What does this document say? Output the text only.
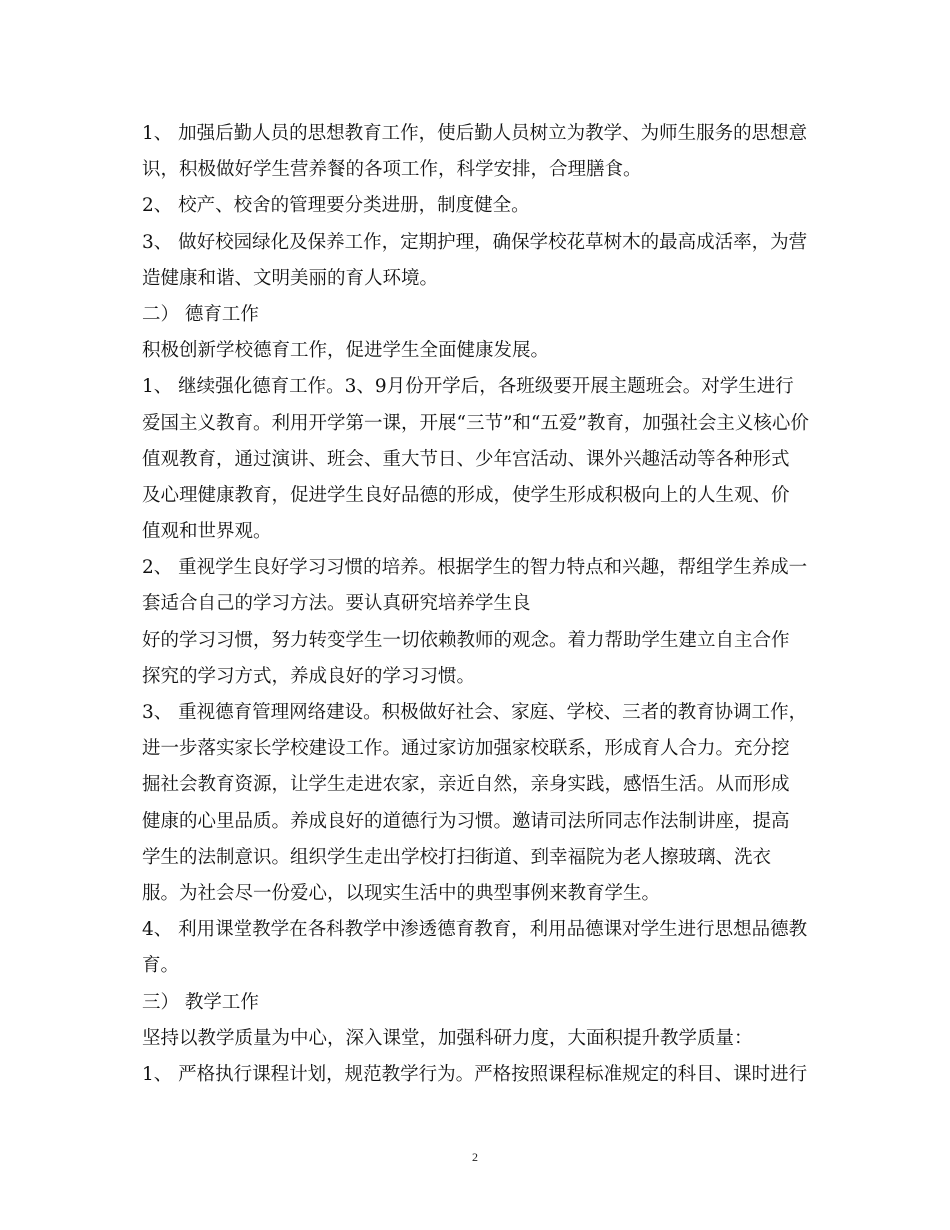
1、 加强后勤人员的思想教育工作，使后勤人员树立为教学、为师生服务的思想意
识，积极做好学生营养餐的各项工作，科学安排，合理膳食。
2、 校产、校舍的管理要分类进册，制度健全。
3、 做好校园绿化及保养工作，定期护理，确保学校花草树木的最高成活率，为营
造健康和谐、文明美丽的育人环境。
二） 德育工作
积极创新学校德育工作，促进学生全面健康发展。
1、 继续强化德育工作。3、9月份开学后，各班级要开展主题班会。对学生进行
爱国主义教育。利用开学第一课，开展“三节”和“五爱”教育，加强社会主义核心价
值观教育，通过演讲、班会、重大节日、少年宫活动、课外兴趣活动等各种形式
及心理健康教育，促进学生良好品德的形成，使学生形成积极向上的人生观、价
值观和世界观。
2、 重视学生良好学习习惯的培养。根据学生的智力特点和兴趣，帮组学生养成一
套适合自己的学习方法。要认真研究培养学生良
好的学习习惯，努力转变学生一切依赖教师的观念。着力帮助学生建立自主合作
探究的学习方式，养成良好的学习习惯。
3、 重视德育管理网络建设。积极做好社会、家庭、学校、三者的教育协调工作，
进一步落实家长学校建设工作。通过家访加强家校联系，形成育人合力。充分挖
掘社会教育资源，让学生走进农家，亲近自然，亲身实践，感悟生活。从而形成
健康的心里品质。养成良好的道德行为习惯。邀请司法所同志作法制讲座，提高
学生的法制意识。组织学生走出学校打扫街道、到幸福院为老人擦玻璃、洗衣
服。为社会尽一份爱心，以现实生活中的典型事例来教育学生。
4、 利用课堂教学在各科教学中渗透德育教育，利用品德课对学生进行思想品德教
育。
三） 教学工作
坚持以教学质量为中心，深入课堂，加强科研力度，大面积提升教学质量：
1、 严格执行课程计划，规范教学行为。严格按照课程标准规定的科目、课时进行
2
